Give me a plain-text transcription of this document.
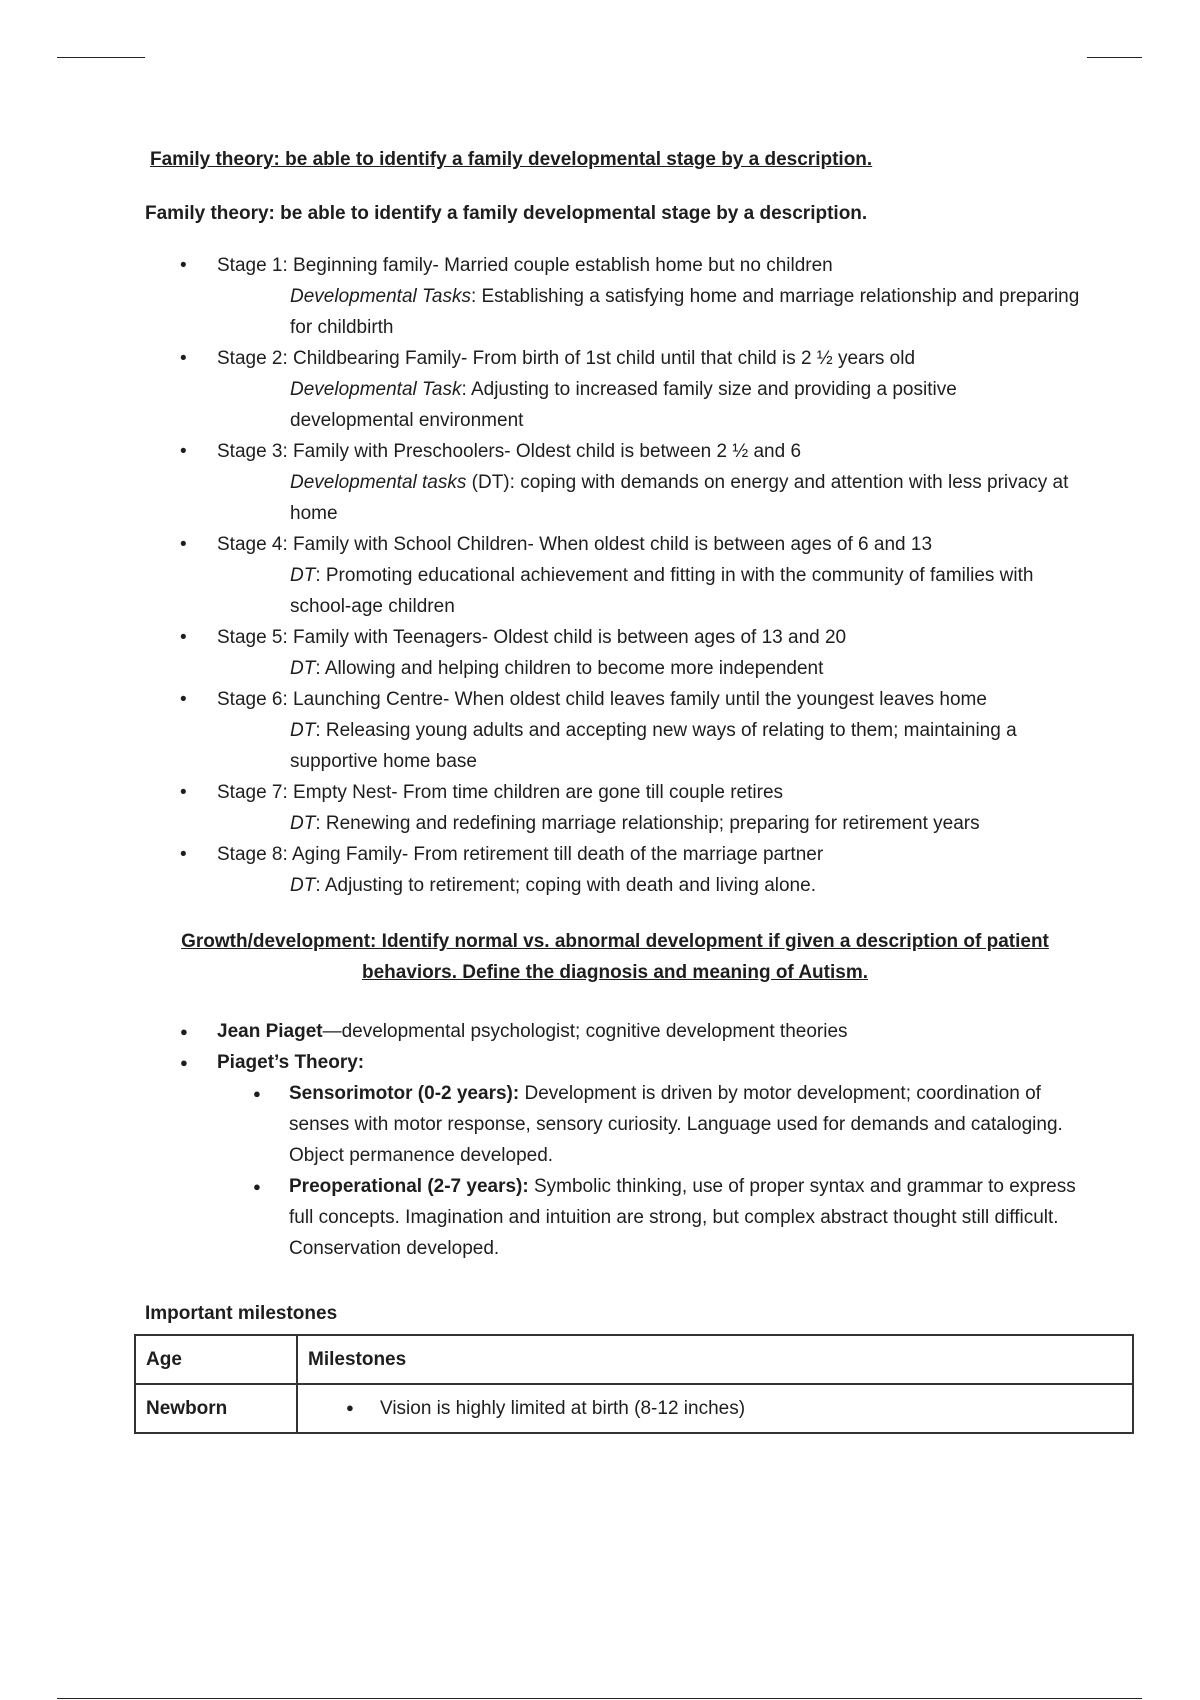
Family theory: be able to identify a family developmental stage by a description.
Family theory: be able to identify a family developmental stage by a description.
• Stage 1: Beginning family- Married couple establish home but no children
Developmental Tasks: Establishing a satisfying home and marriage relationship and preparing for childbirth
• Stage 2: Childbearing Family- From birth of 1st child until that child is 2 ½ years old
Developmental Task: Adjusting to increased family size and providing a positive developmental environment
• Stage 3: Family with Preschoolers- Oldest child is between 2 ½ and 6
Developmental tasks (DT): coping with demands on energy and attention with less privacy at home
• Stage 4: Family with School Children- When oldest child is between ages of 6 and 13
DT: Promoting educational achievement and fitting in with the community of families with school-age children
• Stage 5: Family with Teenagers- Oldest child is between ages of 13 and 20
DT: Allowing and helping children to become more independent
• Stage 6: Launching Centre- When oldest child leaves family until the youngest leaves home
DT: Releasing young adults and accepting new ways of relating to them; maintaining a supportive home base
• Stage 7: Empty Nest- From time children are gone till couple retires
DT: Renewing and redefining marriage relationship; preparing for retirement years
• Stage 8: Aging Family- From retirement till death of the marriage partner
DT: Adjusting to retirement; coping with death and living alone.
Growth/development: Identify normal vs. abnormal development if given a description of patient
behaviors. Define the diagnosis and meaning of Autism.
● Jean Piaget—developmental psychologist; cognitive development theories
● Piaget’s Theory:
● Sensorimotor (0-2 years): Development is driven by motor development; coordination of senses with motor response, sensory curiosity. Language used for demands and cataloging. Object permanence developed.
● Preoperational (2-7 years): Symbolic thinking, use of proper syntax and grammar to express full concepts. Imagination and intuition are strong, but complex abstract thought still difficult. Conservation developed.
Important milestones
Age	Milestones
Newborn	● Vision is highly limited at birth (8-12 inches)
